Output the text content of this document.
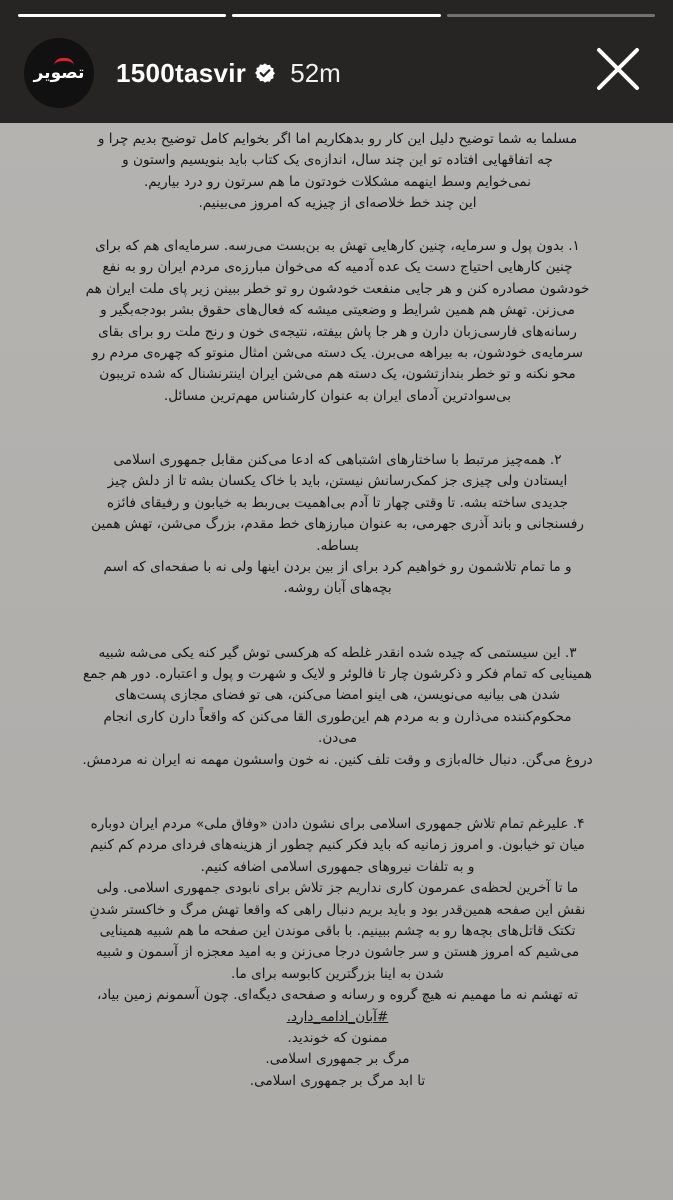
تصویر 1500tasvir 52m

مسلما به شما توضیح دلیل این کار رو بدهکاریم اما اگر بخوایم کامل توضیح بدیم چرا و
چه اتفاقهایی افتاده تو این چند سال، اندازه‌ی یک کتاب باید بنویسیم واستون و
نمی‌خوایم وسط اینهمه مشکلات خودتون ما هم سرتون رو درد بیاریم.
این چند خط خلاصه‌ای از چیزیه که امروز می‌بینیم.

۱. بدون پول و سرمایه، چنین کارهایی تهش به بن‌بست می‌رسه. سرمایه‌ای هم که برای
چنین کارهایی احتیاج دست یک عده آدمیه که می‌خوان مبارزه‌ی مردم ایران رو به نفع
خودشون مصادره کنن و هر جایی منفعت خودشون رو تو خطر ببینن زیر پای ملت ایران هم
می‌زنن. تهش هم همین شرایط و وضعیتی میشه که فعال‌های حقوق بشر بودجه‌بگیر و
رسانه‌های فارسی‌زبان دارن و هر جا پاش بیفته، نتیجه‌ی خون و رنج ملت رو برای بقای
سرمایه‌ی خودشون، به بیراهه می‌برن. یک دسته می‌شن امثال منوتو که چهره‌ی مردم رو
محو نکنه و تو خطر بنداز‌تشون، یک دسته هم می‌شن ایران اینترنشنال که شده تریبون
بی‌سوادترین آدمای ایران به عنوان کارشناس مهم‌ترین مسائل.

۲. همه‌چیز مرتبط با ساختارهای اشتباهی که ادعا می‌کنن مقابل جمهوری اسلامی
ایستادن ولی چیزی جز کمک‌رسانش نیستن، باید با خاک یکسان بشه تا از دلش چیز
جدیدی ساخته بشه. تا وقتی چهار تا آدم بی‌اهمیت بی‌ربط به خیابون و رفیقای فائزه
رفسنجانی و باند آذری جهرمی، به عنوان مبارزهای خط مقدم، بزرگ می‌شن، تهش همین
بساطه.
و ما تمام تلاشمون رو خواهیم کرد برای از بین بردن اینها ولی نه با صفحه‌ای که اسم
بچه‌های آبان روشه.

۳. این سیستمی که چیده شده انقدر غلطه که هرکسی توش گیر کنه یکی می‌شه شبیه
همینایی که تمام فکر و ذکرشون چار تا فالوئر و لایک و شهرت و پول و اعتباره. دور هم جمع
شدن هی بیانیه می‌نویسن، هی اینو امضا می‌کنن، هی تو فضای مجازی پست‌های
محکوم‌کننده می‌ذارن و به مردم هم این‌طوری القا می‌کنن که واقعاً دارن کاری انجام
می‌دن.
دروغ می‌گن. دنبال خاله‌بازی و وقت تلف کنین. نه خون واسشون مهمه نه ایران نه مردمش.

۴. علیرغم تمام تلاش جمهوری اسلامی برای نشون دادن «وفاق ملی» مردم ایران دوباره
میان تو خیابون. و امروز زمانیه که باید فکر کنیم چطور از هزینه‌های فردای مردم کم کنیم
و به تلفات نیروهای جمهوری اسلامی اضافه کنیم.
ما تا آخرین لحظه‌ی عمرمون کاری نداریم جز تلاش برای نابودی جمهوری اسلامی. ولی
نقش این صفحه همین‌قدر بود و باید بریم دنبال راهی که واقعا تهش مرگ و خاکستر شدنِ
تکتک قاتل‌های بچه‌ها رو به چشم ببینیم. با باقی موندن این صفحه ما هم شبیه همینایی
می‌شیم که امروز هستن و سر جاشون درجا می‌زنن و به امید معجزه از آسمون و شبیه
شدن به اینا بزرگترین کابوسه برای ما.
ته تهشم نه ما مهمیم نه هیچ گروه و رسانه و صفحه‌ی دیگه‌ای. چون آسمونم زمین بیاد،

#آبان_ادامه_دارد.

ممنون که خوندید.
مرگ بر جمهوری اسلامی.
تا ابد مرگ بر جمهوری اسلامی.
